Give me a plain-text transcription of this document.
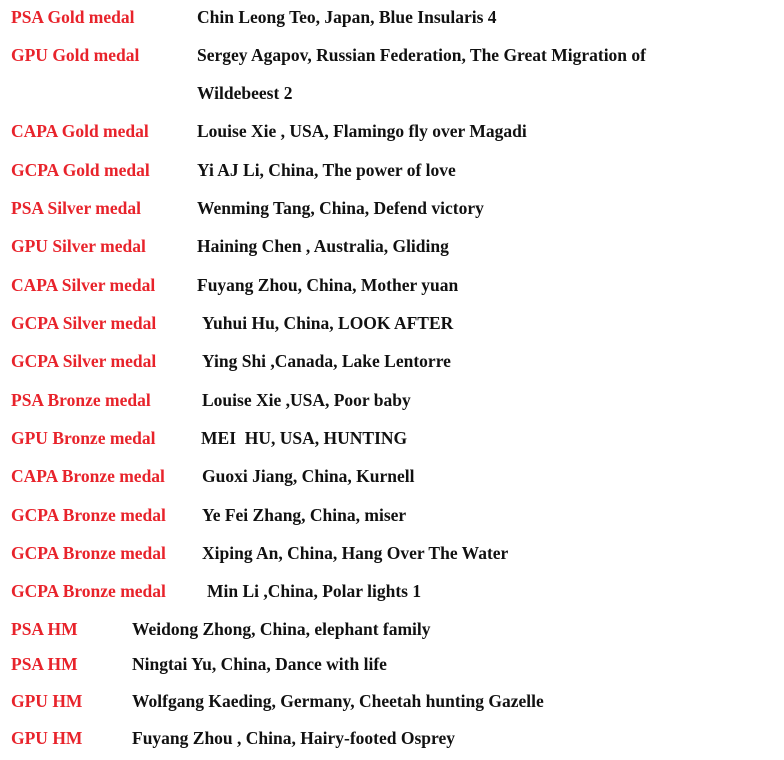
PSA Gold medal	Chin Leong Teo, Japan, Blue Insularis 4
GPU Gold medal	Sergey Agapov, Russian Federation, The Great Migration of
Wildebeest 2
CAPA Gold medal	Louise Xie , USA, Flamingo fly over Magadi
GCPA Gold medal	Yi AJ Li, China, The power of love
PSA Silver medal	Wenming Tang, China, Defend victory
GPU Silver medal	Haining Chen , Australia, Gliding
CAPA Silver medal Fuyang Zhou, China, Mother yuan
GCPA Silver medal	Yuhui Hu, China, LOOK AFTER
GCPA Silver medal	Ying Shi ,Canada, Lake Lentorre
PSA Bronze medal	Louise Xie ,USA, Poor baby
GPU Bronze medal	MEI  HU, USA, HUNTING
CAPA Bronze medal Guoxi Jiang, China, Kurnell
GCPA Bronze medal Ye Fei Zhang, China, miser
GCPA Bronze medal Xiping An, China, Hang Over The Water
GCPA Bronze medal Min Li ,China, Polar lights 1
PSA HM	Weidong Zhong, China, elephant family
PSA HM	Ningtai Yu, China, Dance with life
GPU HM	Wolfgang Kaeding, Germany, Cheetah hunting Gazelle
GPU HM	Fuyang Zhou , China, Hairy-footed Osprey
